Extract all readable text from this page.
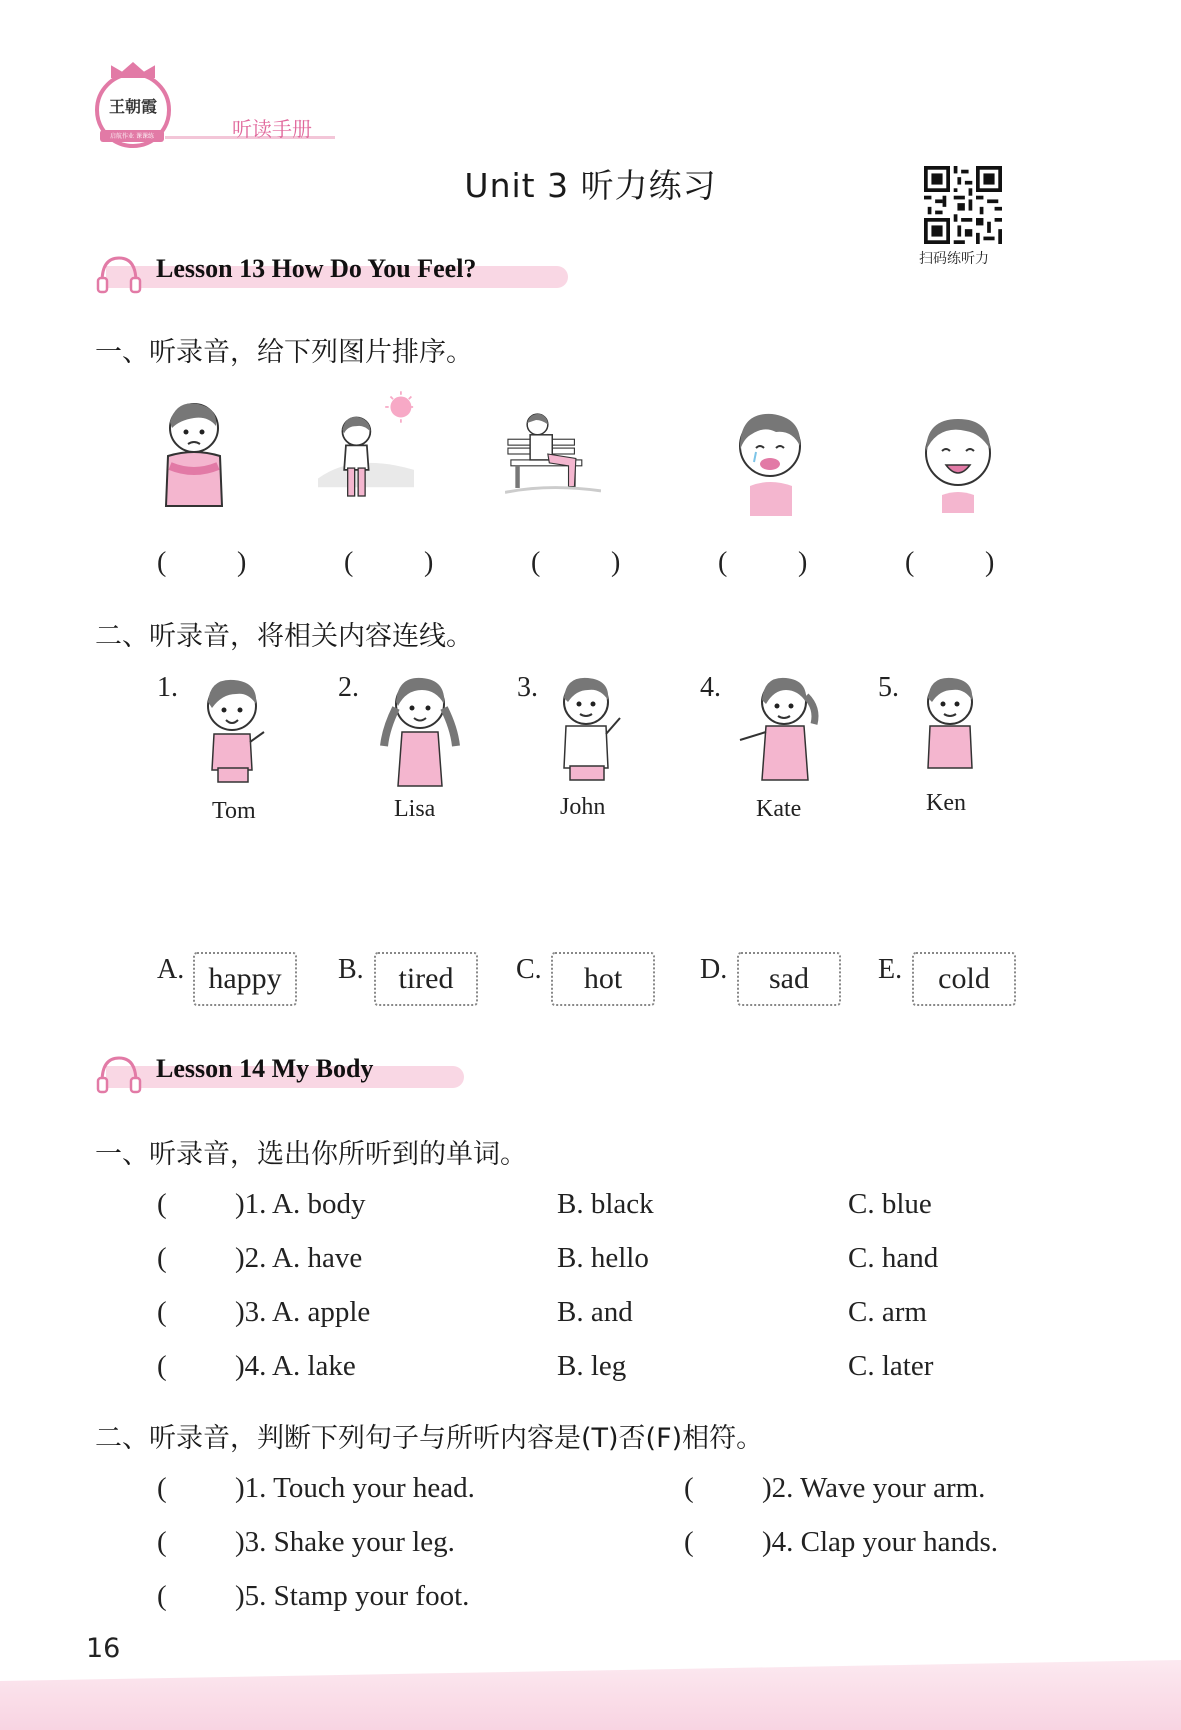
王朝霞
启航作业 课课练	听读手册
Unit 3 听力练习
扫码练听力
Lesson 13 How Do You Feel?
一、听录音，给下列图片排序。
(	)	(	)	(	)	(	)	(	)
二、听录音，将相关内容连线。
1.
Tom
2.
Lisa
3.
John
4.
Kate
5.
Ken
A. happy	B.	tired	C.	hot	D.	sad	E.	cold
Lesson 14 My Body
一、听录音，选出你所听到的单词。
( )1. A. body	B. black	C. blue
( )2. A. have	B. hello	C. hand
( )3. A. apple	B. and	C. arm
( )4. A. lake	B. leg	C. later
二、听录音，判断下列句子与所听内容是(T)否(F)相符。
( )1. Touch your head.	( )2. Wave your arm.
( )3. Shake your leg.	( )4. Clap your hands.
( )5. Stamp your foot.
16
